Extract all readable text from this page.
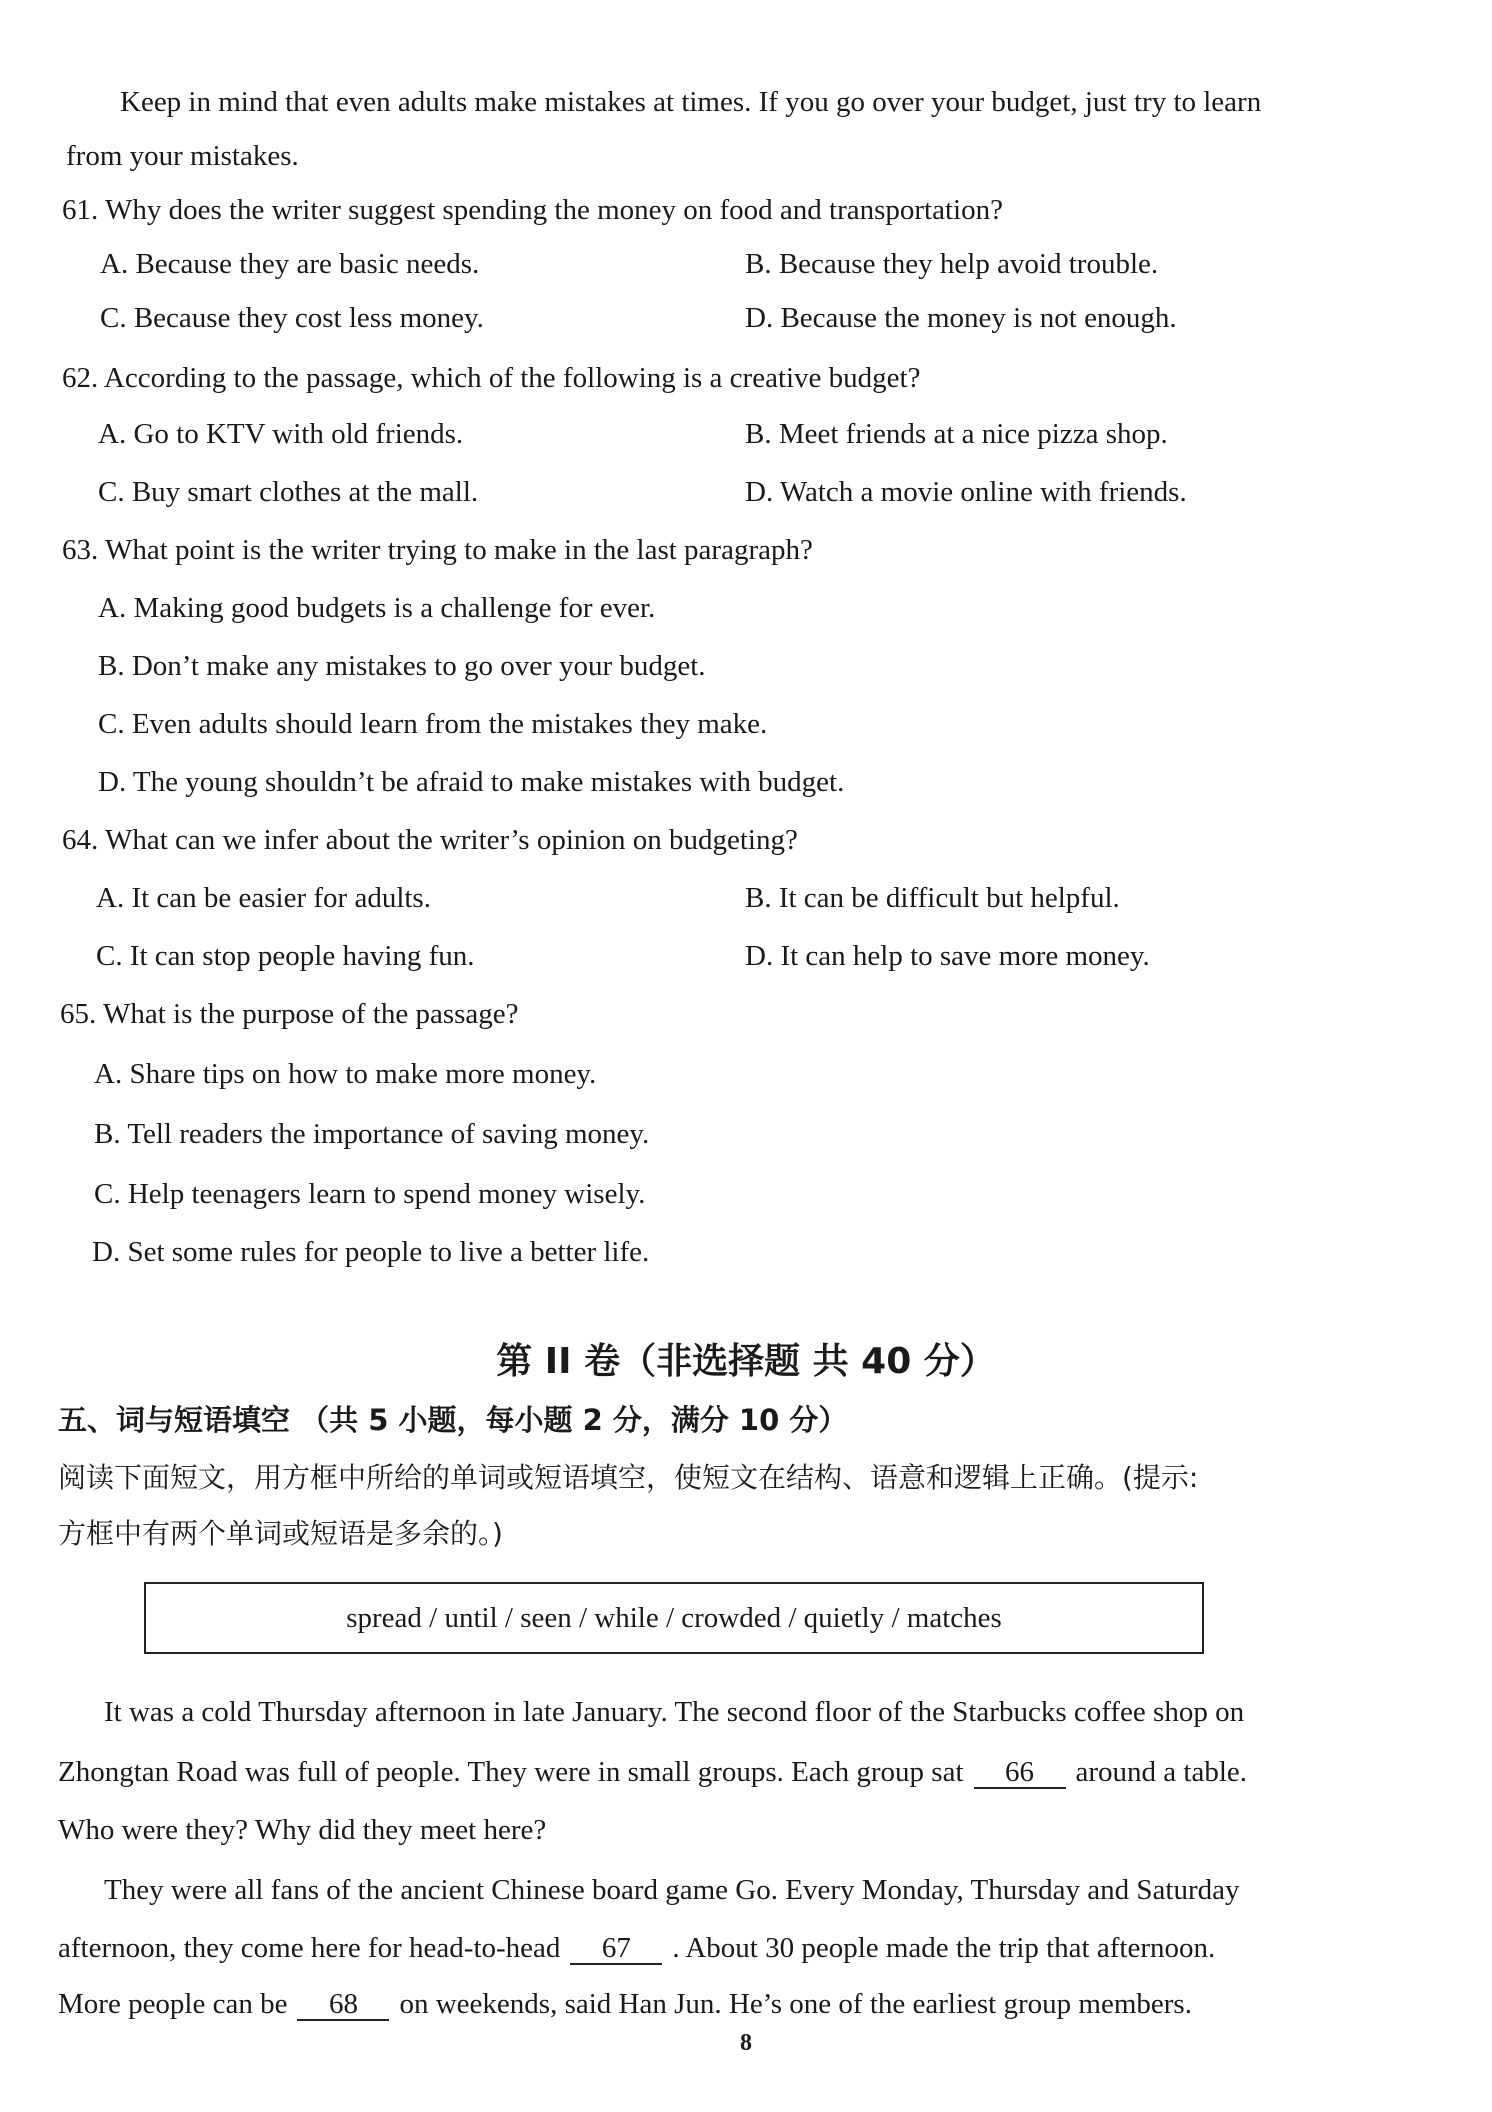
Keep in mind that even adults make mistakes at times. If you go over your budget, just try to learn
from your mistakes.
61. Why does the writer suggest spending the money on food and transportation?
A. Because they are basic needs.	B. Because they help avoid trouble.
C. Because they cost less money.	D. Because the money is not enough.
62. According to the passage, which of the following is a creative budget?
A. Go to KTV with old friends.	B. Meet friends at a nice pizza shop.
C. Buy smart clothes at the mall.	D. Watch a movie online with friends.
63. What point is the writer trying to make in the last paragraph?
A. Making good budgets is a challenge for ever.
B. Don’t make any mistakes to go over your budget.
C. Even adults should learn from the mistakes they make.
D. The young shouldn’t be afraid to make mistakes with budget.
64. What can we infer about the writer’s opinion on budgeting?
A. It can be easier for adults.	B. It can be difficult but helpful.
C. It can stop people having fun.	D. It can help to save more money.
65. What is the purpose of the passage?
A. Share tips on how to make more money.
B. Tell readers the importance of saving money.
C. Help teenagers learn to spend money wisely.
D. Set some rules for people to live a better life.
第 II 卷（非选择题 共 40 分）
五、词与短语填空 （共 5 小题，每小题 2 分，满分 10 分）
阅读下面短文，用方框中所给的单词或短语填空，使短文在结构、语意和逻辑上正确。(提示:
方框中有两个单词或短语是多余的。)
spread / until / seen / while / crowded / quietly / matches
It was a cold Thursday afternoon in late January. The second floor of the Starbucks coffee shop on
Zhongtan Road was full of people. They were in small groups. Each group sat 66 around a table.
Who were they? Why did they meet here?
They were all fans of the ancient Chinese board game Go. Every Monday, Thursday and Saturday
afternoon, they come here for head-to-head 67 . About 30 people made the trip that afternoon.
More people can be 68 on weekends, said Han Jun. He’s one of the earliest group members.
8
